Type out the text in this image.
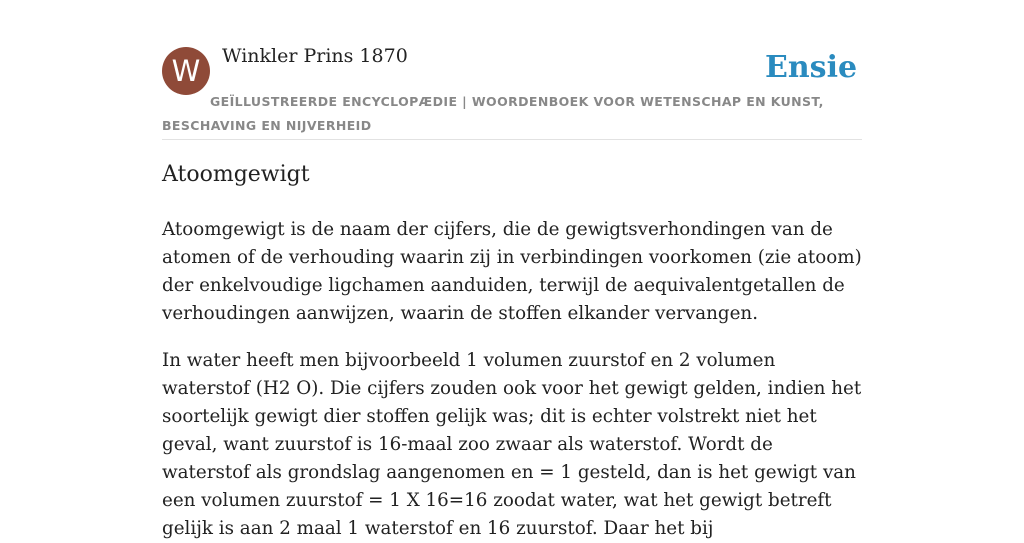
W	Winkler Prins 1870	Ensie

GEÏLLUSTREERDE ENCYCLOPÆDIE | WOORDENBOEK VOOR WETENSCHAP EN KUNST, BESCHAVING EN NIJVERHEID

Atoomgewigt

Atoomgewigt is de naam der cijfers, die de gewigtsverhondingen van de atomen of de verhouding waarin zij in verbindingen voorkomen (zie atoom) der enkelvoudige ligchamen aanduiden, terwijl de aequivalentgetallen de verhoudingen aanwijzen, waarin de stoffen elkander vervangen.

In water heeft men bijvoorbeeld 1 volumen zuurstof en 2 volumen waterstof (H2 O). Die cijfers zouden ook voor het gewigt gelden, indien het soortelijk gewigt dier stoffen gelijk was; dit is echter volstrekt niet het geval, want zuurstof is 16-maal zoo zwaar als waterstof. Wordt de waterstof als grondslag aangenomen en = 1 gesteld, dan is het gewigt van een volumen zuurstof = 1 X 16=16 zoodat water, wat het gewigt betreft gelijk is aan 2 maal 1 waterstof en 16 zuurstof. Daar het bij
